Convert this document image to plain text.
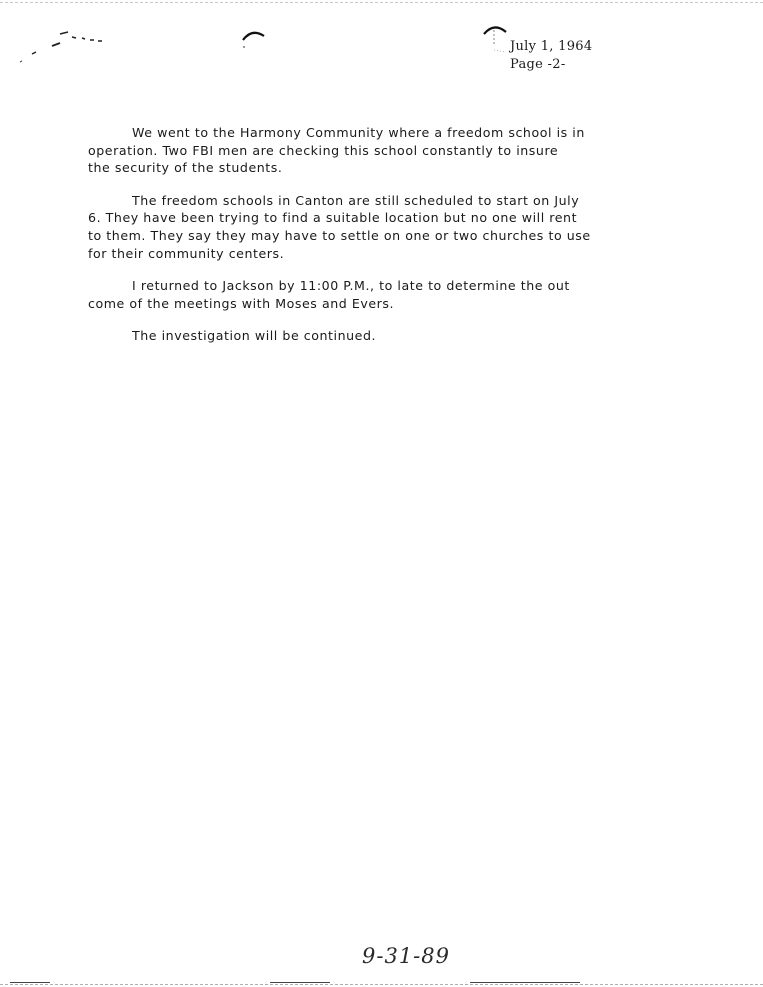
July 1, 1964
Page -2-

We went to the Harmony Community where a freedom school is in
operation. Two FBI men are checking this school constantly to insure
the security of the students.

The freedom schools in Canton are still scheduled to start on July
6. They have been trying to find a suitable location but no one will rent
to them. They say they may have to settle on one or two churches to use
for their community centers.

I returned to Jackson by 11:00 P.M., to late to determine the out
come of the meetings with Moses and Evers.

The investigation will be continued.

9-31-89
